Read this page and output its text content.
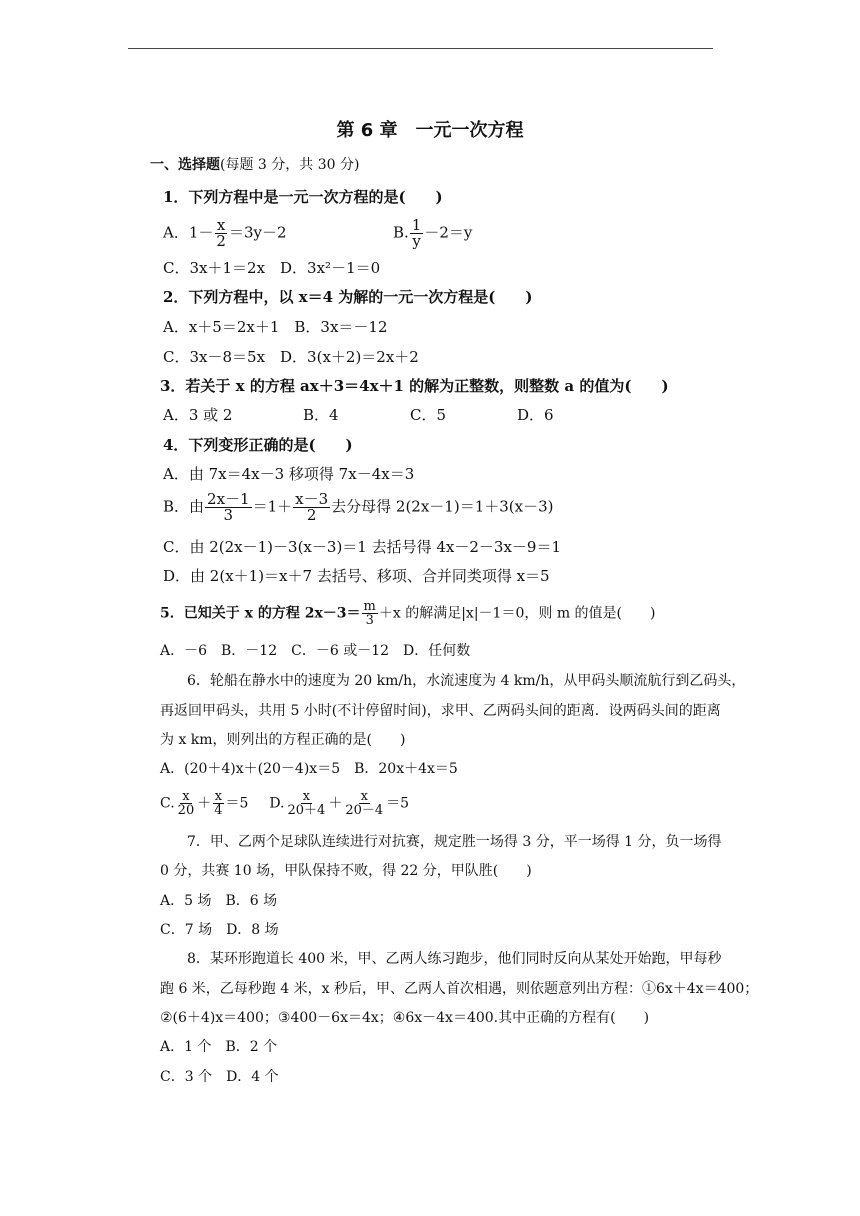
第 6 章　一元一次方程
一、选择题(每题 3 分，共 30 分)
1．下列方程中是一元一次方程的是(　　)
A．$1- \frac{x}{2} =3y-2$	B. $\frac{1}{y} -2=y$
C．3x＋1＝2x　D．3x²－1＝0
2．下列方程中，以 x＝4 为解的一元一次方程是(　　)
A．x＋5＝2x＋1　B．3x＝－12
C．3x－8＝5x　D．3(x＋2)＝2x＋2
3．若关于 x 的方程 ax＋3＝4x＋1 的解为正整数，则整数 a 的值为(　　)
A．3 或 2	B．4	C．5	D．6
4．下列变形正确的是(　　)
A．由 7x＝4x－3 移项得 7x－4x＝3
B．由 $\frac{2x-1}{3} =1+ \frac{x-3}{2}$ 去分母得 2(2x－1)＝1＋3(x－3)
C．由 2(2x－1)－3(x－3)＝1 去括号得 4x－2－3x－9＝1
D．由 2(x＋1)＝x＋7 去括号、移项、合并同类项得 x＝5
5．已知关于 x 的方程 $2x-3= \frac{m}{3} +x$ 的解满足|x|－1＝0，则 m 的值是(　　)
A．－6　B．－12　C．－6 或－12　D．任何数
6．轮船在静水中的速度为 20 km/h，水流速度为 4 km/h，从甲码头顺流航行到乙码头，
再返回甲码头，共用 5 小时(不计停留时间)，求甲、乙两码头间的距离．设两码头间的距离
为 x km，则列出的方程正确的是(　　)
A．(20＋4)x＋(20－4)x＝5　B．20x＋4x＝5
C. $\frac{x}{20} + \frac{x}{4} =5$ D. $\frac{x}{20+4} + \frac{x}{20-4} =5$
7．甲、乙两个足球队连续进行对抗赛，规定胜一场得 3 分，平一场得 1 分，负一场得
0 分，共赛 10 场，甲队保持不败，得 22 分，甲队胜(　　)
A．5 场　B．6 场
C．7 场　D．8 场
8．某环形跑道长 400 米，甲、乙两人练习跑步，他们同时反向从某处开始跑，甲每秒
跑 6 米，乙每秒跑 4 米，x 秒后，甲、乙两人首次相遇，则依题意列出方程：①6x＋4x＝400；
②(6＋4)x＝400；③400－6x＝4x；④6x－4x＝400.其中正确的方程有(　　)
A．1 个　B．2 个
C．3 个　D．4 个
